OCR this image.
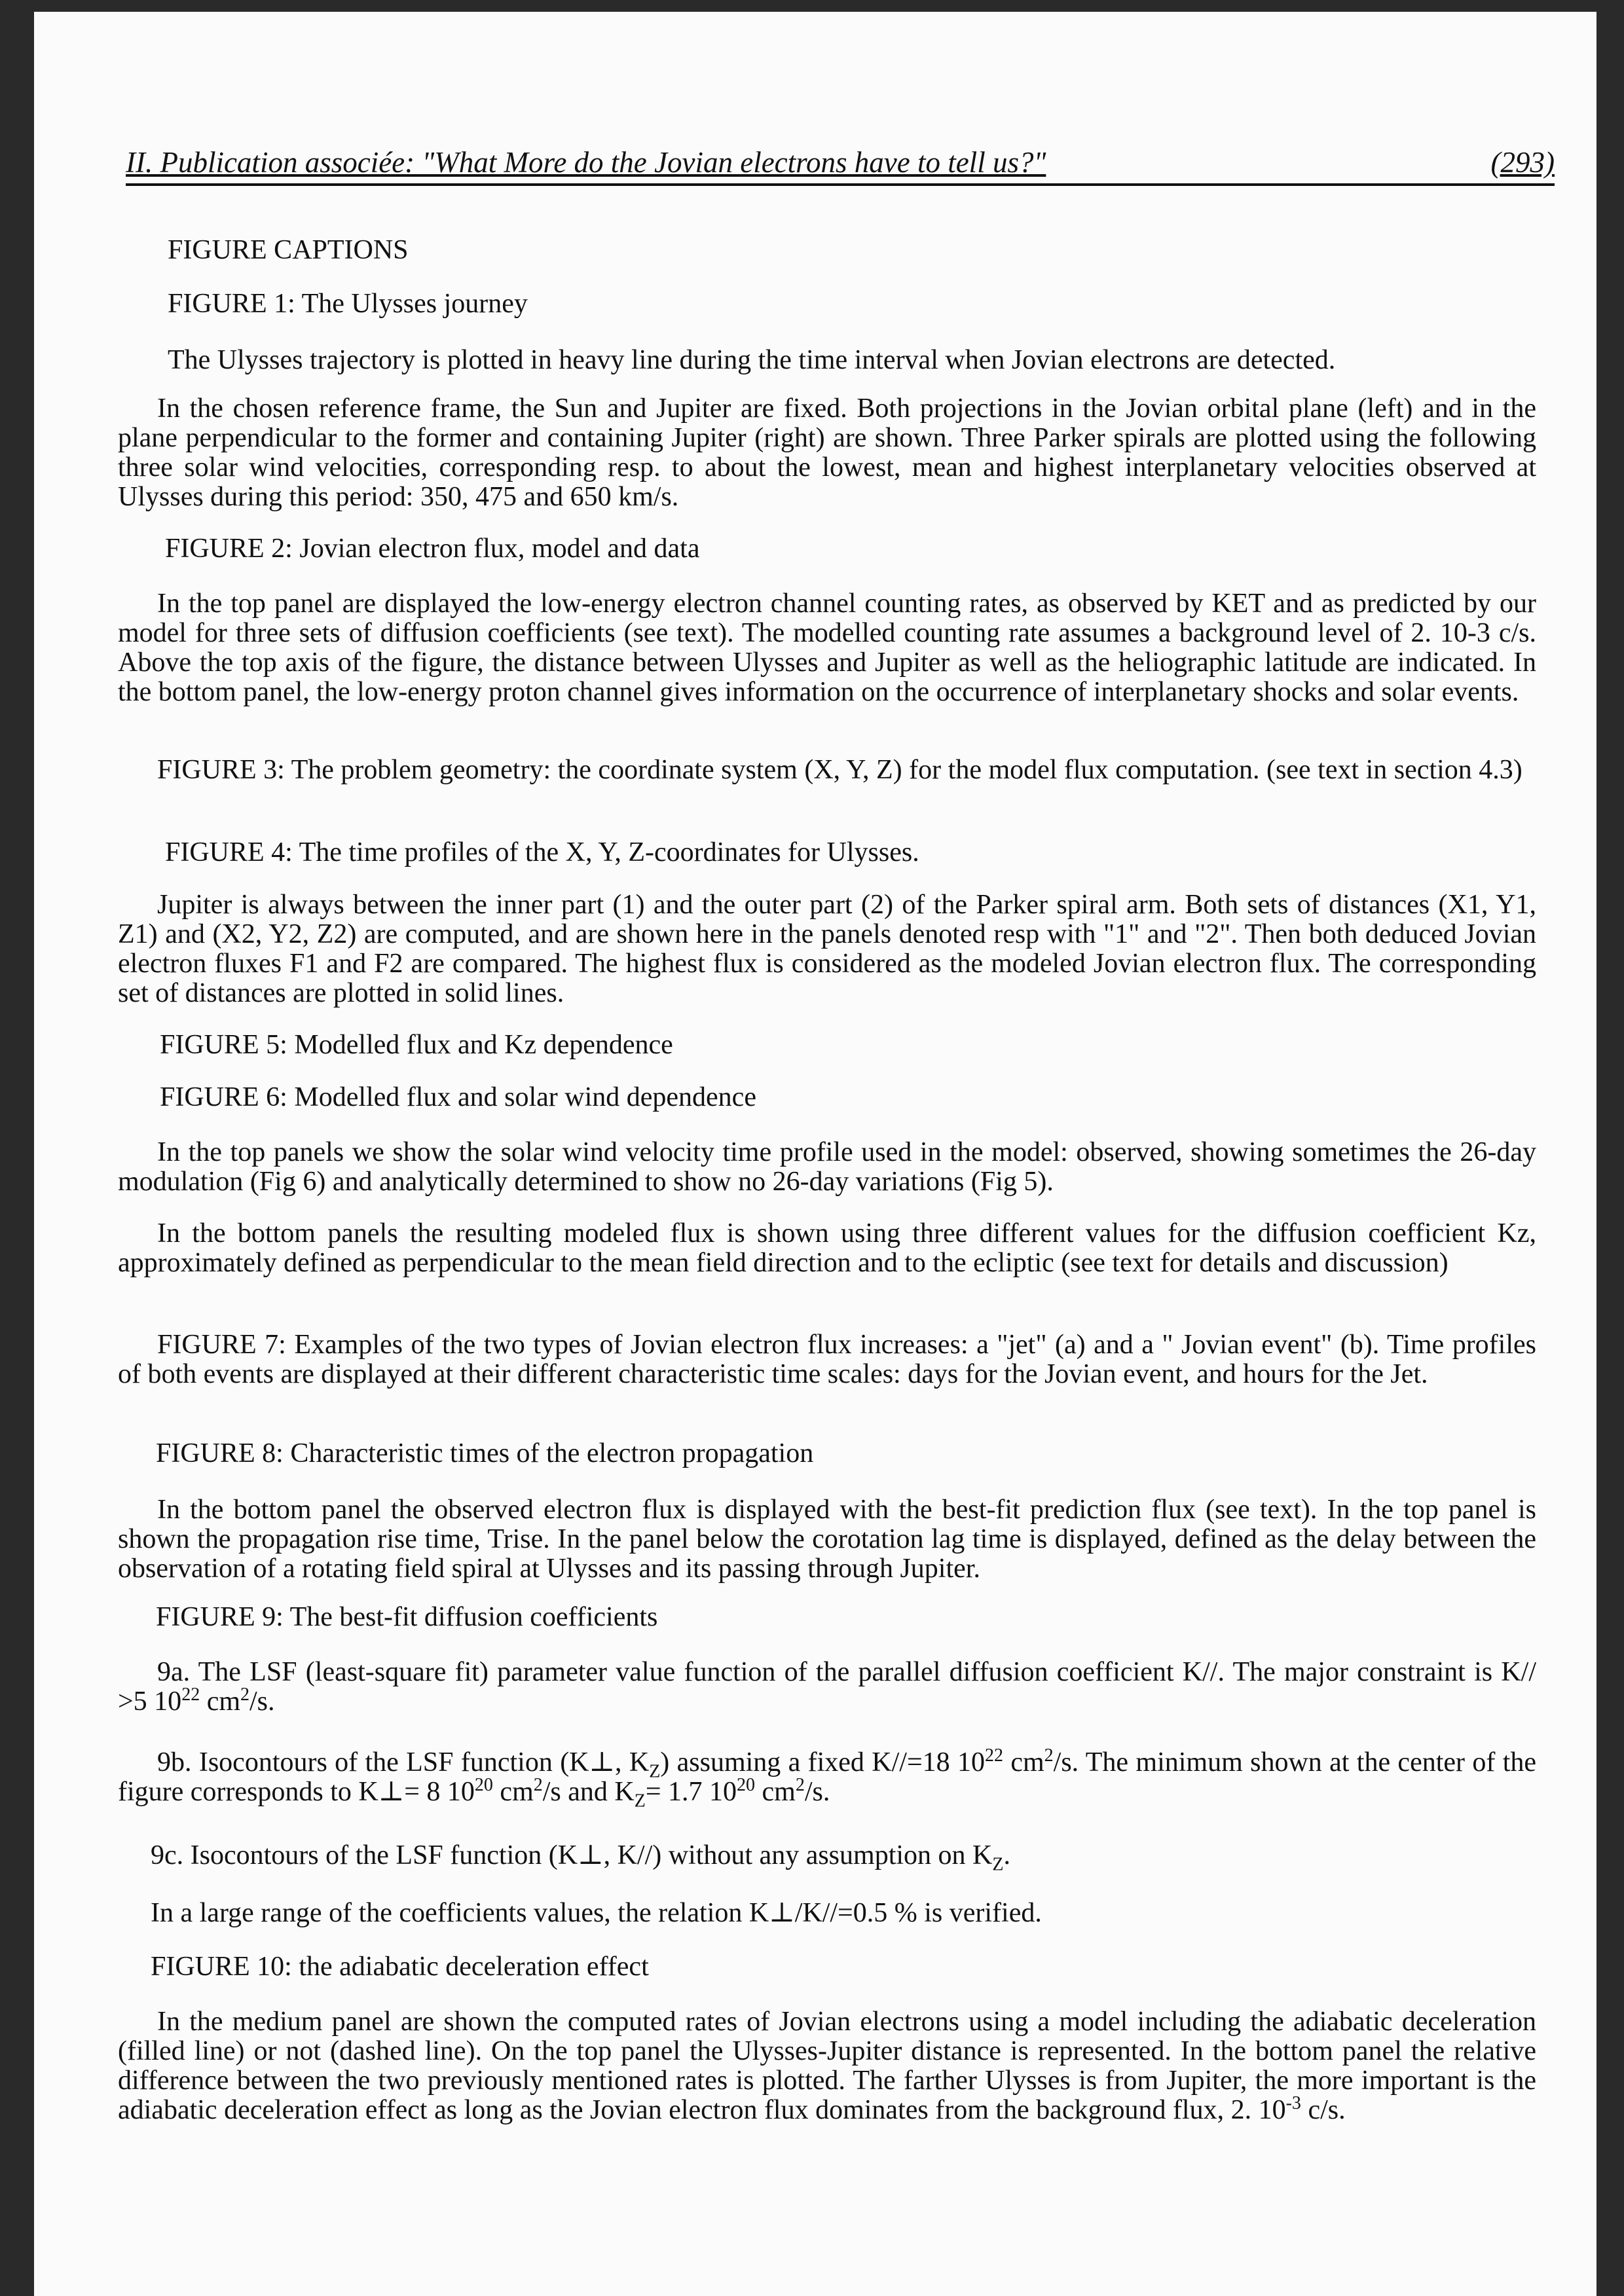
II. Publication associée: "What More do the Jovian electrons have to tell us?"	(293)
FIGURE CAPTIONS
FIGURE 1: The Ulysses journey
The Ulysses trajectory is plotted in heavy line during the time interval when Jovian electrons are detected.
In the chosen reference frame, the Sun and Jupiter are fixed. Both projections in the Jovian orbital plane (left) and in the plane perpendicular to the former and containing Jupiter (right) are shown. Three Parker spirals are plotted using the following three solar wind velocities, corresponding resp. to about the lowest, mean and highest interplanetary velocities observed at Ulysses during this period: 350, 475 and 650 km/s.
FIGURE 2: Jovian electron flux, model and data
In the top panel are displayed the low-energy electron channel counting rates, as observed by KET and as predicted by our model for three sets of diffusion coefficients (see text). The modelled counting rate assumes a background level of 2. 10-3 c/s. Above the top axis of the figure, the distance between Ulysses and Jupiter as well as the heliographic latitude are indicated. In the bottom panel, the low-energy proton channel gives information on the occurrence of interplanetary shocks and solar events.
FIGURE 3: The problem geometry: the coordinate system (X, Y, Z) for the model flux computation. (see text in section 4.3)
FIGURE 4: The time profiles of the X, Y, Z-coordinates for Ulysses.
Jupiter is always between the inner part (1) and the outer part (2) of the Parker spiral arm. Both sets of distances (X1, Y1, Z1) and (X2, Y2, Z2) are computed, and are shown here in the panels denoted resp with "1" and "2". Then both deduced Jovian electron fluxes F1 and F2 are compared. The highest flux is considered as the modeled Jovian electron flux. The corresponding set of distances are plotted in solid lines.
FIGURE 5: Modelled flux and Kz dependence
FIGURE 6: Modelled flux and solar wind dependence
In the top panels we show the solar wind velocity time profile used in the model: observed, showing sometimes the 26-day modulation (Fig 6) and analytically determined to show no 26-day variations (Fig 5).
In the bottom panels the resulting modeled flux is shown using three different values for the diffusion coefficient Kz, approximately defined as perpendicular to the mean field direction and to the ecliptic (see text for details and discussion)
FIGURE 7: Examples of the two types of Jovian electron flux increases: a "jet" (a) and a " Jovian event" (b). Time profiles of both events are displayed at their different characteristic time scales: days for the Jovian event, and hours for the Jet.
FIGURE 8: Characteristic times of the electron propagation
In the bottom panel the observed electron flux is displayed with the best-fit prediction flux (see text). In the top panel is shown the propagation rise time, Trise. In the panel below the corotation lag time is displayed, defined as the delay between the observation of a rotating field spiral at Ulysses and its passing through Jupiter.
FIGURE 9: The best-fit diffusion coefficients
9a. The LSF (least-square fit) parameter value function of the parallel diffusion coefficient K//. The major constraint is K// >5 $10^{22}$ $cm^2/s$.
9b. Isocontours of the LSF function (K⊥, $K_Z$) assuming a fixed K//=18 $10^{22}$ $cm^2/s$. The minimum shown at the center of the figure corresponds to K⊥= 8 $10^{20}$ $cm^2/s$ and $K_Z= 1.7$ $10^{20}$ $cm^2/s$.
9c. Isocontours of the LSF function (K⊥, K//) without any assumption on $K_Z$.
In a large range of the coefficients values, the relation K⊥/K//=0.5 % is verified.
FIGURE 10: the adiabatic deceleration effect
In the medium panel are shown the computed rates of Jovian electrons using a model including the adiabatic deceleration (filled line) or not (dashed line). On the top panel the Ulysses-Jupiter distance is represented. In the bottom panel the relative difference between the two previously mentioned rates is plotted. The farther Ulysses is from Jupiter, the more important is the adiabatic deceleration effect as long as the Jovian electron flux dominates from the background flux, 2. $10^{-3}$ c/s.
